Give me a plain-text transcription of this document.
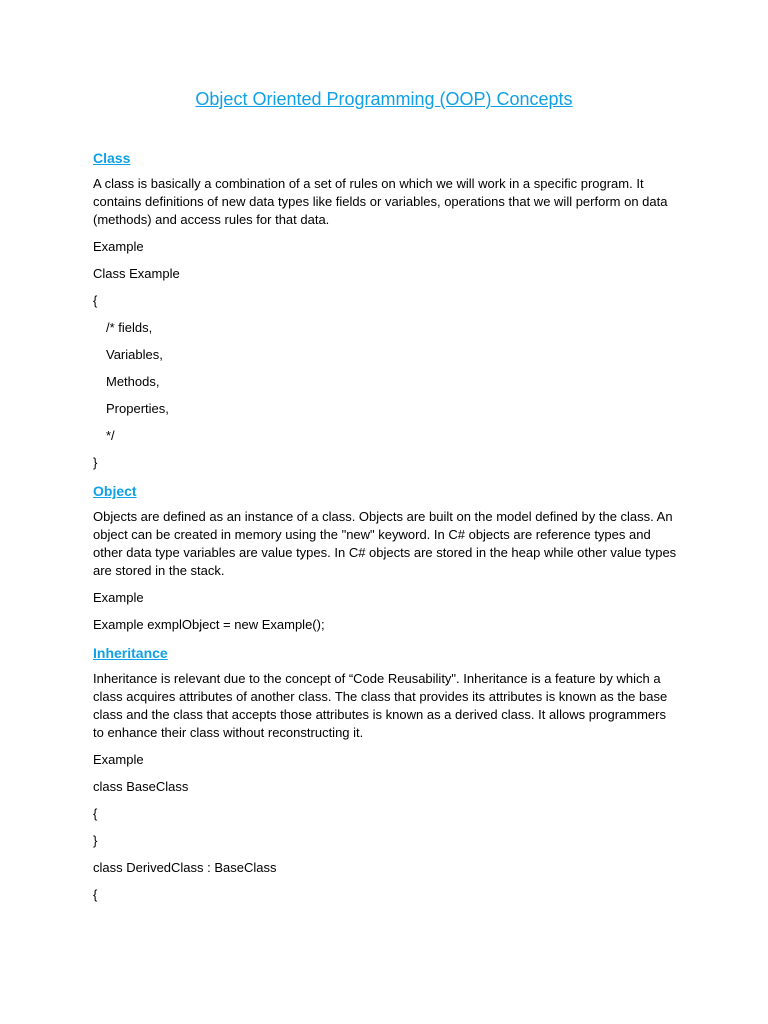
Object Oriented Programming (OOP) Concepts
Class

A class is basically a combination of a set of rules on which we will work in a specific program. It contains definitions of new data types like fields or variables, operations that we will perform on data (methods) and access rules for that data.

Example
Class Example
{
/* fields,
Variables,
Methods,
Properties,
*/
}
Object

Objects are defined as an instance of a class. Objects are built on the model defined by the class. An object can be created in memory using the "new" keyword. In C# objects are reference types and other data type variables are value types. In C# objects are stored in the heap while other value types are stored in the stack.

Example
Example exmplObject = new Example();
Inheritance

Inheritance is relevant due to the concept of “Code Reusability". Inheritance is a feature by which a class acquires attributes of another class. The class that provides its attributes is known as the base class and the class that accepts those attributes is known as a derived class. It allows programmers to enhance their class without reconstructing it.

Example
class BaseClass
{
}
class DerivedClass : BaseClass
{
